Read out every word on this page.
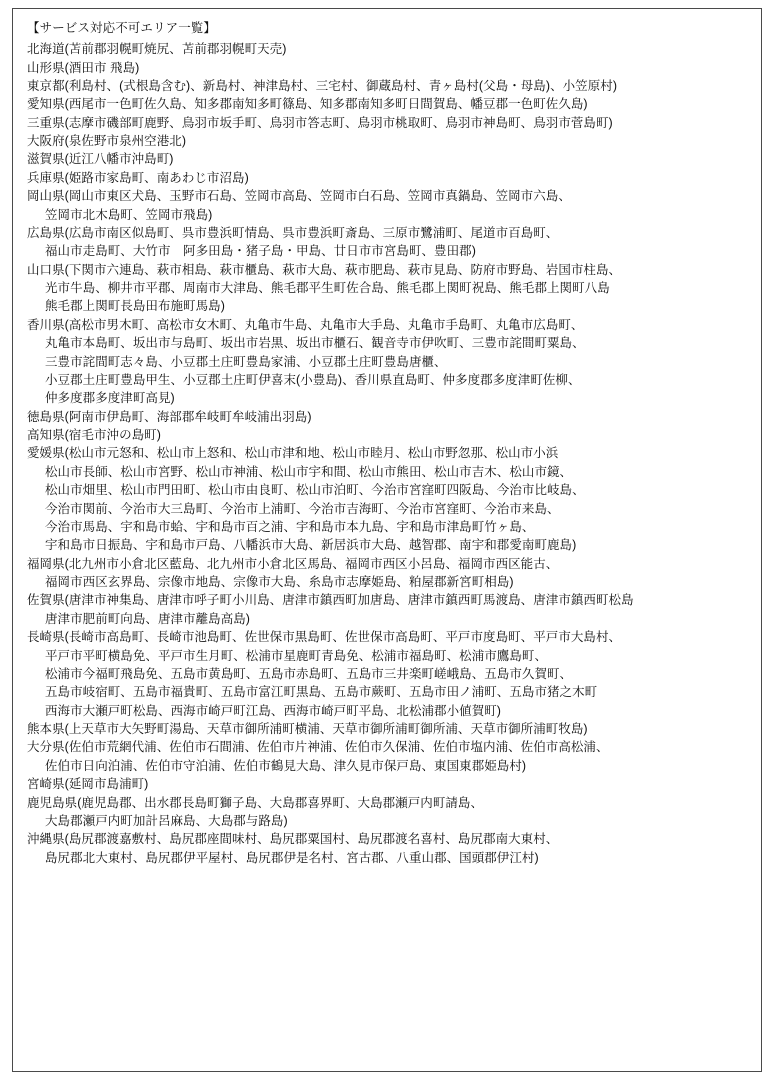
【サービス対応不可エリア一覧】

北海道(苫前郡羽幌町焼尻、苫前郡羽幌町天売)

山形県(酒田市 飛島)

東京都(利島村、(式根島含む)、新島村、神津島村、三宅村、御蔵島村、青ヶ島村(父島・母島)、小笠原村)

愛知県(西尾市一色町佐久島、知多郡南知多町篠島、知多郡南知多町日間賀島、幡豆郡一色町佐久島)

三重県(志摩市磯部町鹿野、鳥羽市坂手町、鳥羽市答志町、鳥羽市桃取町、鳥羽市神島町、鳥羽市菅島町)

大阪府(泉佐野市泉州空港北)

滋賀県(近江八幡市沖島町)

兵庫県(姫路市家島町、南あわじ市沼島)

岡山県(岡山市東区犬島、玉野市石島、笠岡市高島、笠岡市白石島、笠岡市真鍋島、笠岡市六島、
笠岡市北木島町、笠岡市飛島)

広島県(広島市南区似島町、呉市豊浜町情島、呉市豊浜町斎島、三原市鷺浦町、尾道市百島町、
福山市走島町、大竹市　阿多田島・猪子島・甲島、廿日市市宮島町、豊田郡)

山口県(下関市六連島、萩市相島、萩市櫃島、萩市大島、萩市肥島、萩市見島、防府市野島、岩国市柱島、
光市牛島、柳井市平郡、周南市大津島、熊毛郡平生町佐合島、熊毛郡上関町祝島、熊毛郡上関町八島
熊毛郡上関町長島田布施町馬島)

香川県(高松市男木町、高松市女木町、丸亀市牛島、丸亀市大手島、丸亀市手島町、丸亀市広島町、
丸亀市本島町、坂出市与島町、坂出市岩黒、坂出市櫃石、観音寺市伊吹町、三豊市詫間町粟島、
三豊市詫間町志々島、小豆郡土庄町豊島家浦、小豆郡土庄町豊島唐櫃、
小豆郡土庄町豊島甲生、小豆郡土庄町伊喜末(小豊島)、香川県直島町、仲多度郡多度津町佐柳、
仲多度郡多度津町高見)

徳島県(阿南市伊島町、海部郡牟岐町牟岐浦出羽島)

高知県(宿毛市沖の島町)

愛媛県(松山市元怒和、松山市上怒和、松山市津和地、松山市睦月、松山市野忽那、松山市小浜
松山市長師、松山市宮野、松山市神浦、松山市宇和間、松山市熊田、松山市吉木、松山市鏡、
松山市畑里、松山市門田町、松山市由良町、松山市泊町、今治市宮窪町四阪島、今治市比岐島、
今治市関前、今治市大三島町、今治市上浦町、今治市吉海町、今治市宮窪町、今治市来島、
今治市馬島、宇和島市蛤、宇和島市百之浦、宇和島市本九島、宇和島市津島町竹ヶ島、
宇和島市日振島、宇和島市戸島、八幡浜市大島、新居浜市大島、越智郡、南宇和郡愛南町鹿島)

福岡県(北九州市小倉北区藍島、北九州市小倉北区馬島、福岡市西区小呂島、福岡市西区能古、
福岡市西区玄界島、宗像市地島、宗像市大島、糸島市志摩姫島、粕屋郡新宮町相島)

佐賀県(唐津市神集島、唐津市呼子町小川島、唐津市鎮西町加唐島、唐津市鎮西町馬渡島、唐津市鎮西町松島
唐津市肥前町向島、唐津市離島高島)

長崎県(長崎市高島町、長崎市池島町、佐世保市黒島町、佐世保市高島町、平戸市度島町、平戸市大島村、
平戸市平町横島免、平戸市生月町、松浦市星鹿町青島免、松浦市福島町、松浦市鷹島町、
松浦市今福町飛島免、五島市黄島町、五島市赤島町、五島市三井楽町嵯峨島、五島市久賀町、
五島市岐宿町、五島市福貴町、五島市富江町黒島、五島市蕨町、五島市田ノ浦町、五島市猪之木町
西海市大瀬戸町松島、西海市崎戸町江島、西海市崎戸町平島、北松浦郡小値賀町)

熊本県(上天草市大矢野町湯島、天草市御所浦町横浦、天草市御所浦町御所浦、天草市御所浦町牧島)

大分県(佐伯市荒網代浦、佐伯市石間浦、佐伯市片神浦、佐伯市久保浦、佐伯市塩内浦、佐伯市高松浦、
佐伯市日向泊浦、佐伯市守泊浦、佐伯市鶴見大島、津久見市保戸島、東国東郡姫島村)

宮崎県(延岡市島浦町)

鹿児島県(鹿児島郡、出水郡長島町獅子島、大島郡喜界町、大島郡瀬戸内町請島、
大島郡瀬戸内町加計呂麻島、大島郡与路島)

沖縄県(島尻郡渡嘉敷村、島尻郡座間味村、島尻郡粟国村、島尻郡渡名喜村、島尻郡南大東村、
島尻郡北大東村、島尻郡伊平屋村、島尻郡伊是名村、宮古郡、八重山郡、国頭郡伊江村)
